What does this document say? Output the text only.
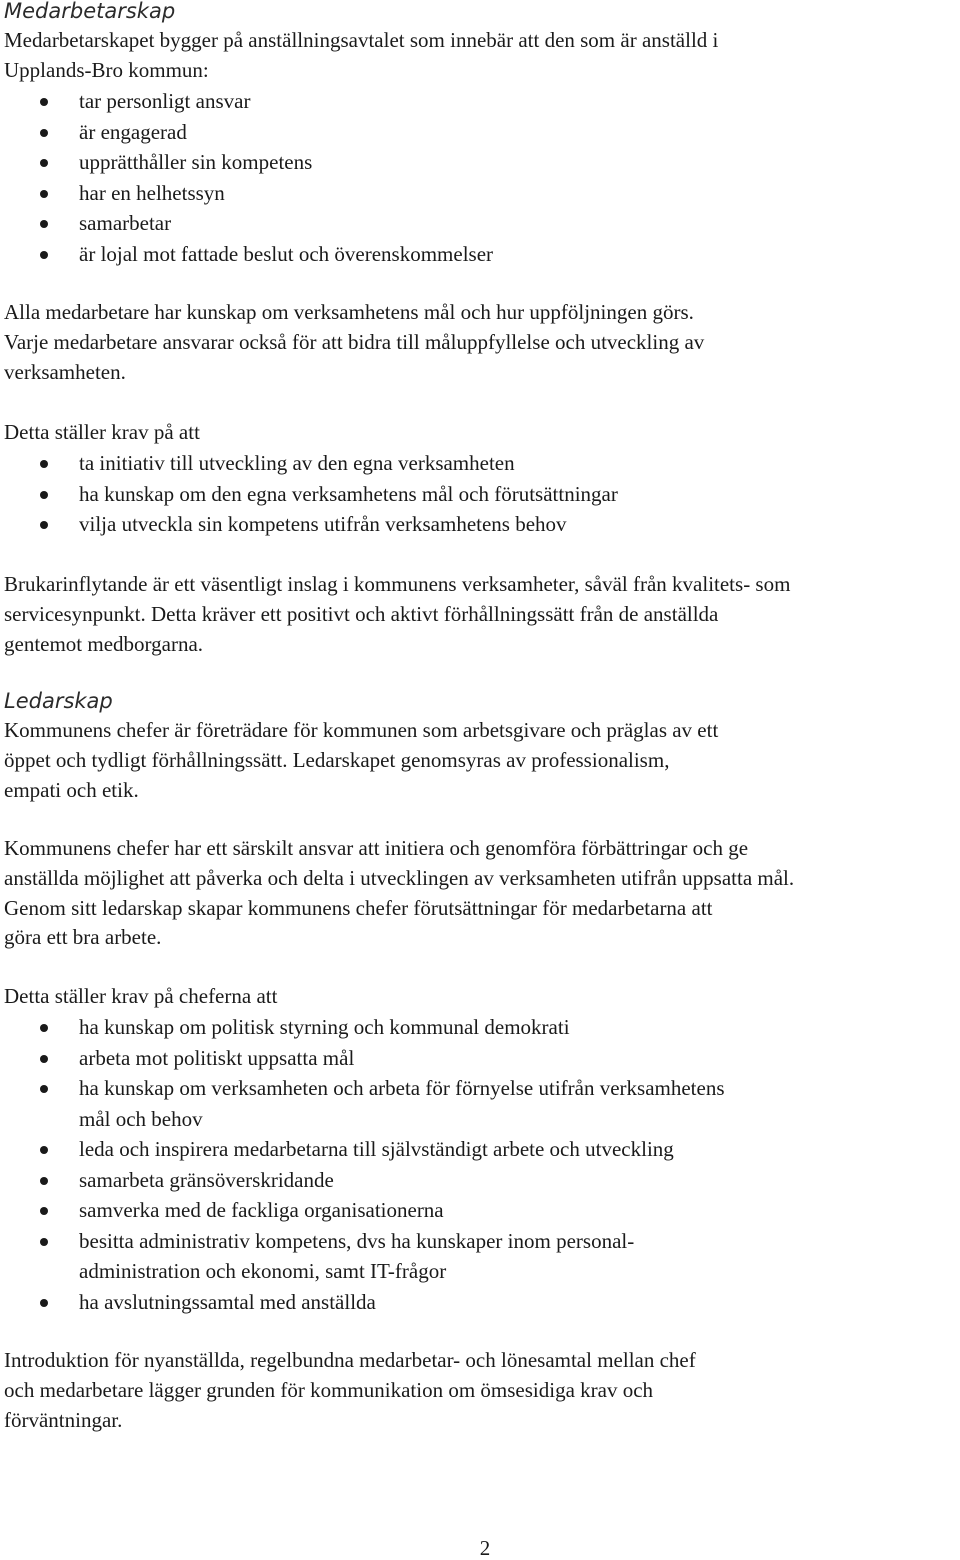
Medarbetarskap

Medarbetarskapet bygger på anställningsavtalet som innebär att den som är anställd i
Upplands-Bro kommun:

tar personligt ansvar
är engagerad
upprätthåller sin kompetens
har en helhetssyn
samarbetar
är lojal mot fattade beslut och överenskommelser

Alla medarbetare har kunskap om verksamhetens mål och hur uppföljningen görs.
Varje medarbetare ansvarar också för att bidra till måluppfyllelse och utveckling av
verksamheten.

Detta ställer krav på att

ta initiativ till utveckling av den egna verksamheten
ha kunskap om den egna verksamhetens mål och förutsättningar
vilja utveckla sin kompetens utifrån verksamhetens behov

Brukarinflytande är ett väsentligt inslag i kommunens verksamheter, såväl från kvalitets- som
servicesynpunkt. Detta kräver ett positivt och aktivt förhållningssätt från de anställda
gentemot medborgarna.

Ledarskap

Kommunens chefer är företrädare för kommunen som arbetsgivare och präglas av ett
öppet och tydligt förhållningssätt. Ledarskapet genomsyras av professionalism,
empati och etik.

Kommunens chefer har ett särskilt ansvar att initiera och genomföra förbättringar och ge
anställda möjlighet att påverka och delta i utvecklingen av verksamheten utifrån uppsatta mål.
Genom sitt ledarskap skapar kommunens chefer förutsättningar för medarbetarna att
göra ett bra arbete.

Detta ställer krav på cheferna att

ha kunskap om politisk styrning och kommunal demokrati
arbeta mot politiskt uppsatta mål
ha kunskap om verksamheten och arbeta för förnyelse utifrån verksamhetens
mål och behov
leda och inspirera medarbetarna till självständigt arbete och utveckling
samarbeta gränsöverskridande
samverka med de fackliga organisationerna
besitta administrativ kompetens, dvs ha kunskaper inom personal-
administration och ekonomi, samt IT-frågor
ha avslutningssamtal med anställda

Introduktion för nyanställda, regelbundna medarbetar- och lönesamtal mellan chef
och medarbetare lägger grunden för kommunikation om ömsesidiga krav och
förväntningar.

2
